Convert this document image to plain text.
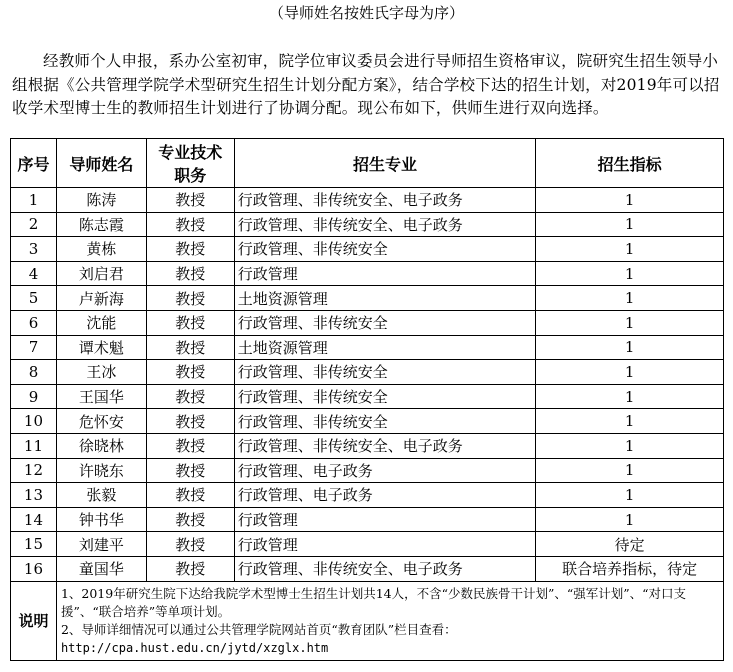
（导师姓名按姓氏字母为序）
经教师个人申报，系办公室初审，院学位审议委员会进行导师招生资格审议，院研究生招生领导小组根据《公共管理学院学术型研究生招生计划分配方案》，结合学校下达的招生计划，对2019年可以招收学术型博士生的教师招生计划进行了协调分配。现公布如下，供师生进行双向选择。
序号	导师姓名	专业技术职务	招生专业	招生指标
1	陈涛	教授	行政管理、非传统安全、电子政务	1
2	陈志霞	教授	行政管理、非传统安全、电子政务	1
3	黄栋	教授	行政管理、非传统安全	1
4	刘启君	教授	行政管理	1
5	卢新海	教授	土地资源管理	1
6	沈能	教授	行政管理、非传统安全	1
7	谭术魁	教授	土地资源管理	1
8	王冰	教授	行政管理、非传统安全	1
9	王国华	教授	行政管理、非传统安全	1
10	危怀安	教授	行政管理、非传统安全	1
11	徐晓林	教授	行政管理、非传统安全、电子政务	1
12	许晓东	教授	行政管理、电子政务	1
13	张毅	教授	行政管理、电子政务	1
14	钟书华	教授	行政管理	1
15	刘建平	教授	行政管理	待定
16	童国华	教授	行政管理、非传统安全、电子政务	联合培养指标，待定
说明	1、2019年研究生院下达给我院学术型博士生招生计划共14人，不含“少数民族骨干计划”、“强军计划”、“对口支援”、“联合培养”等单项计划。
2、导师详细情况可以通过公共管理学院网站首页“教育团队”栏目查看：
http://cpa.hust.edu.cn/jytd/xzglx.htm			
